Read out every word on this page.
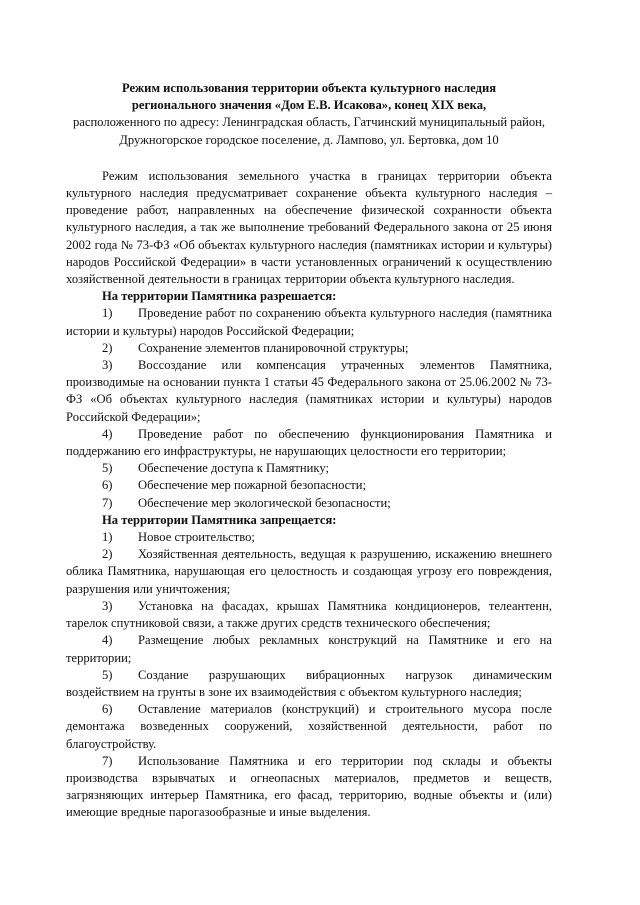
Режим использования территории объекта культурного наследия
регионального значения «Дом Е.В. Исакова», конец XIX века,
расположенного по адресу: Ленинградская область, Гатчинский муниципальный район, Дружногорское городское поселение, д. Лампово, ул. Бертовка, дом 10
Режим использования земельного участка в границах территории объекта культурного наследия предусматривает сохранение объекта культурного наследия – проведение работ, направленных на обеспечение физической сохранности объекта культурного наследия, а так же выполнение требований Федерального закона от 25 июня 2002 года № 73-ФЗ «Об объектах культурного наследия (памятниках истории и культуры) народов Российской Федерации» в части установленных ограничений к осуществлению хозяйственной деятельности в границах территории объекта культурного наследия.
На территории Памятника разрешается:
1) Проведение работ по сохранению объекта культурного наследия (памятника истории и культуры) народов Российской Федерации;
2) Сохранение элементов планировочной структуры;
3) Воссоздание или компенсация утраченных элементов Памятника, производимые на основании пункта 1 статьи 45 Федерального закона от 25.06.2002 № 73-ФЗ «Об объектах культурного наследия (памятниках истории и культуры) народов Российской Федерации»;
4) Проведение работ по обеспечению функционирования Памятника и поддержанию его инфраструктуры, не нарушающих целостности его территории;
5) Обеспечение доступа к Памятнику;
6) Обеспечение мер пожарной безопасности;
7) Обеспечение мер экологической безопасности;
На территории Памятника запрещается:
1) Новое строительство;
2) Хозяйственная деятельность, ведущая к разрушению, искажению внешнего облика Памятника, нарушающая его целостность и создающая угрозу его повреждения, разрушения или уничтожения;
3) Установка на фасадах, крышах Памятника кондиционеров, телеантенн, тарелок спутниковой связи, а также других средств технического обеспечения;
4) Размещение любых рекламных конструкций на Памятнике и его на территории;
5) Создание разрушающих вибрационных нагрузок динамическим воздействием на грунты в зоне их взаимодействия с объектом культурного наследия;
6) Оставление материалов (конструкций) и строительного мусора после демонтажа возведенных сооружений, хозяйственной деятельности, работ по благоустройству.
7) Использование Памятника и его территории под склады и объекты производства взрывчатых и огнеопасных материалов, предметов и веществ, загрязняющих интерьер Памятника, его фасад, территорию, водные объекты и (или) имеющие вредные парогазообразные и иные выделения.
